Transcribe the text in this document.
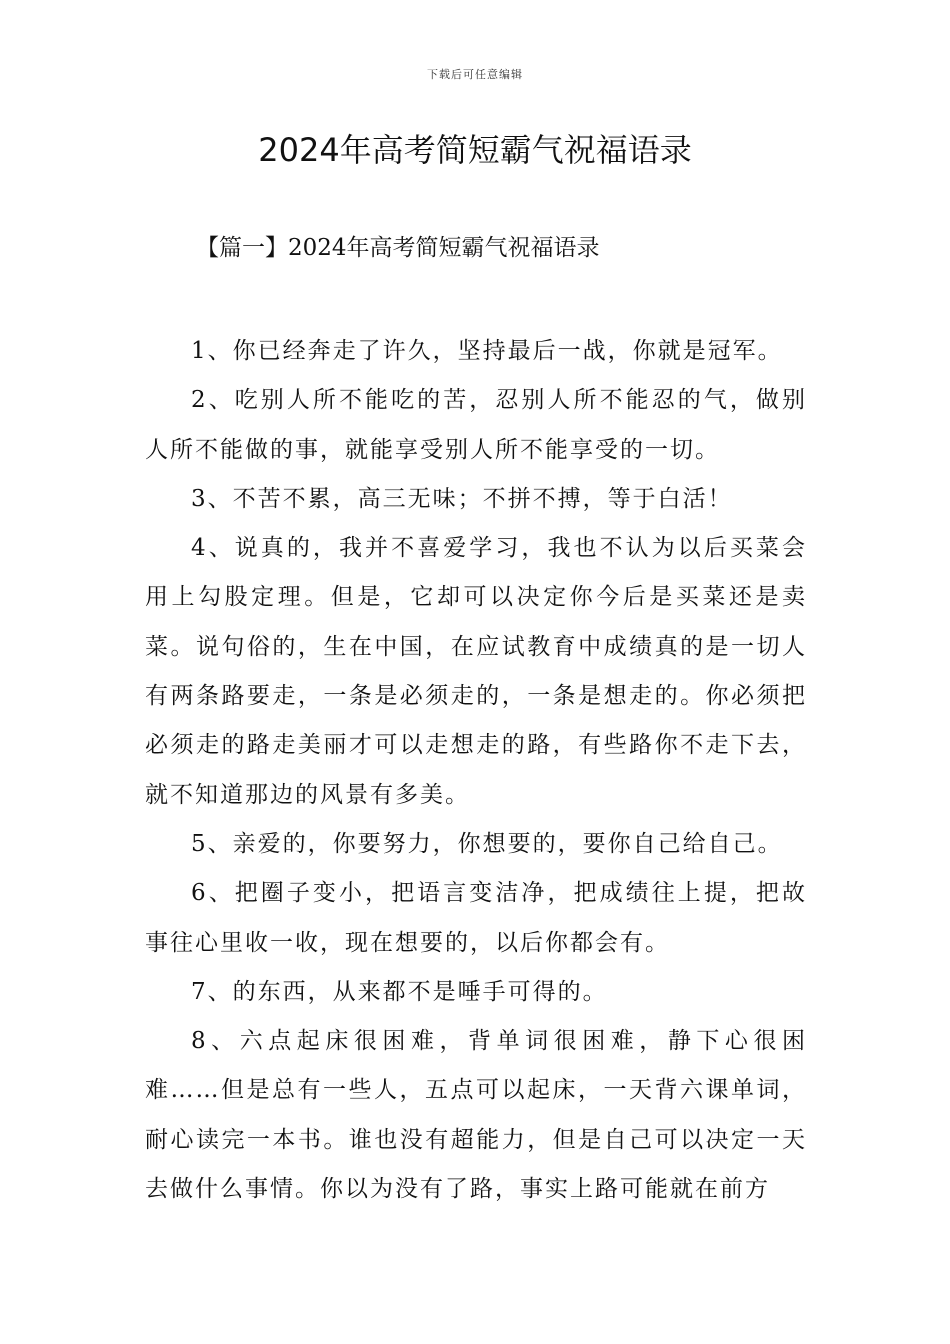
下载后可任意编辑
2024年高考简短霸气祝福语录
【篇一】2024年高考简短霸气祝福语录

1、你已经奔走了许久，坚持最后一战，你就是冠军。

2、吃别人所不能吃的苦，忍别人所不能忍的气，做别人所不能做的事，就能享受别人所不能享受的一切。

3、不苦不累，高三无味；不拼不搏，等于白活！

4、说真的，我并不喜爱学习，我也不认为以后买菜会用上勾股定理。但是，它却可以决定你今后是买菜还是卖菜。说句俗的，生在中国，在应试教育中成绩真的是一切人有两条路要走，一条是必须走的，一条是想走的。你必须把必须走的路走美丽才可以走想走的路，有些路你不走下去，就不知道那边的风景有多美。

5、亲爱的，你要努力，你想要的，要你自己给自己。

6、把圈子变小，把语言变洁净，把成绩往上提，把故事往心里收一收，现在想要的，以后你都会有。

7、的东西，从来都不是唾手可得的。

8、六点起床很困难，背单词很困难，静下心很困难……但是总有一些人，五点可以起床，一天背六课单词，耐心读完一本书。谁也没有超能力，但是自己可以决定一天去做什么事情。你以为没有了路，事实上路可能就在前方
